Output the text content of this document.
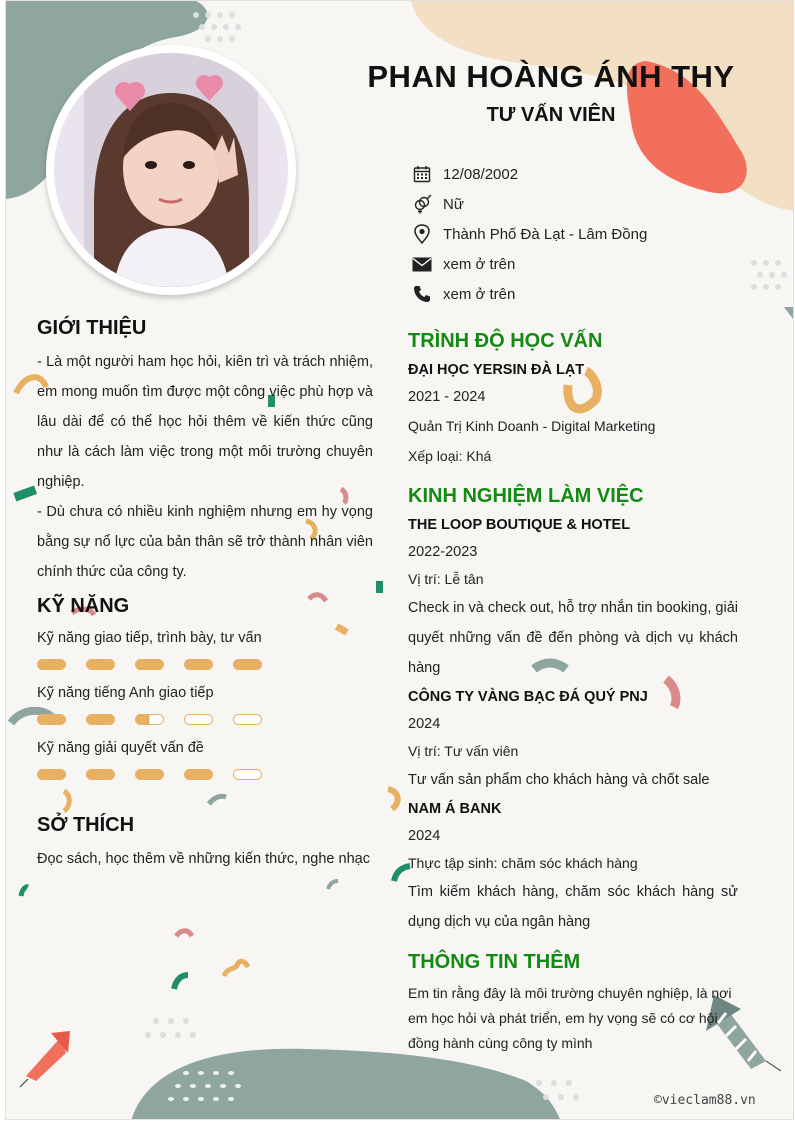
PHAN HOÀNG ÁNH THY
TƯ VẤN VIÊN
12/08/2002
Nữ
Thành Phố Đà Lạt - Lâm Đồng
xem ở trên
xem ở trên
GIỚI THIỆU
- Là một người ham học hỏi, kiên trì và trách nhiệm, em mong muốn tìm được một công việc phù hợp và lâu dài để có thể học hỏi thêm về kiến thức cũng như là cách làm việc trong một môi trường chuyên nghiệp.
- Dù chưa có nhiều kinh nghiệm nhưng em hy vọng bằng sự nổ lực của bản thân sẽ trở thành nhân viên chính thức của công ty.
KỸ NĂNG
Kỹ năng giao tiếp, trình bày, tư vấn
Kỹ năng tiếng Anh giao tiếp
Kỹ năng giải quyết vấn đề
SỞ THÍCH
Đọc sách, học thêm về những kiến thức, nghe nhạc
TRÌNH ĐỘ HỌC VẤN
ĐẠI HỌC YERSIN ĐÀ LẠT
2021 - 2024
Quản Trị Kinh Doanh - Digital Marketing
Xếp loại: Khá
KINH NGHIỆM LÀM VIỆC
THE LOOP BOUTIQUE & HOTEL
2022-2023
Vị trí: Lễ tân
Check in và check out, hỗ trợ nhắn tin booking, giải quyết những vấn đề đến phòng và dịch vụ khách hàng
CÔNG TY VÀNG BẠC ĐÁ QUÝ PNJ
2024
Vị trí: Tư vấn viên
Tư vấn sản phẩm cho khách hàng và chốt sale
NAM Á BANK
2024
Thực tập sinh: chăm sóc khách hàng
Tìm kiếm khách hàng, chăm sóc khách hàng sử dụng dịch vụ của ngân hàng
THÔNG TIN THÊM
Em tin rằng đây là môi trường chuyên nghiệp, là nơi em học hỏi và phát triển, em hy vọng sẽ có cơ hội đồng hành cùng công ty mình
©vieclam88.vn
